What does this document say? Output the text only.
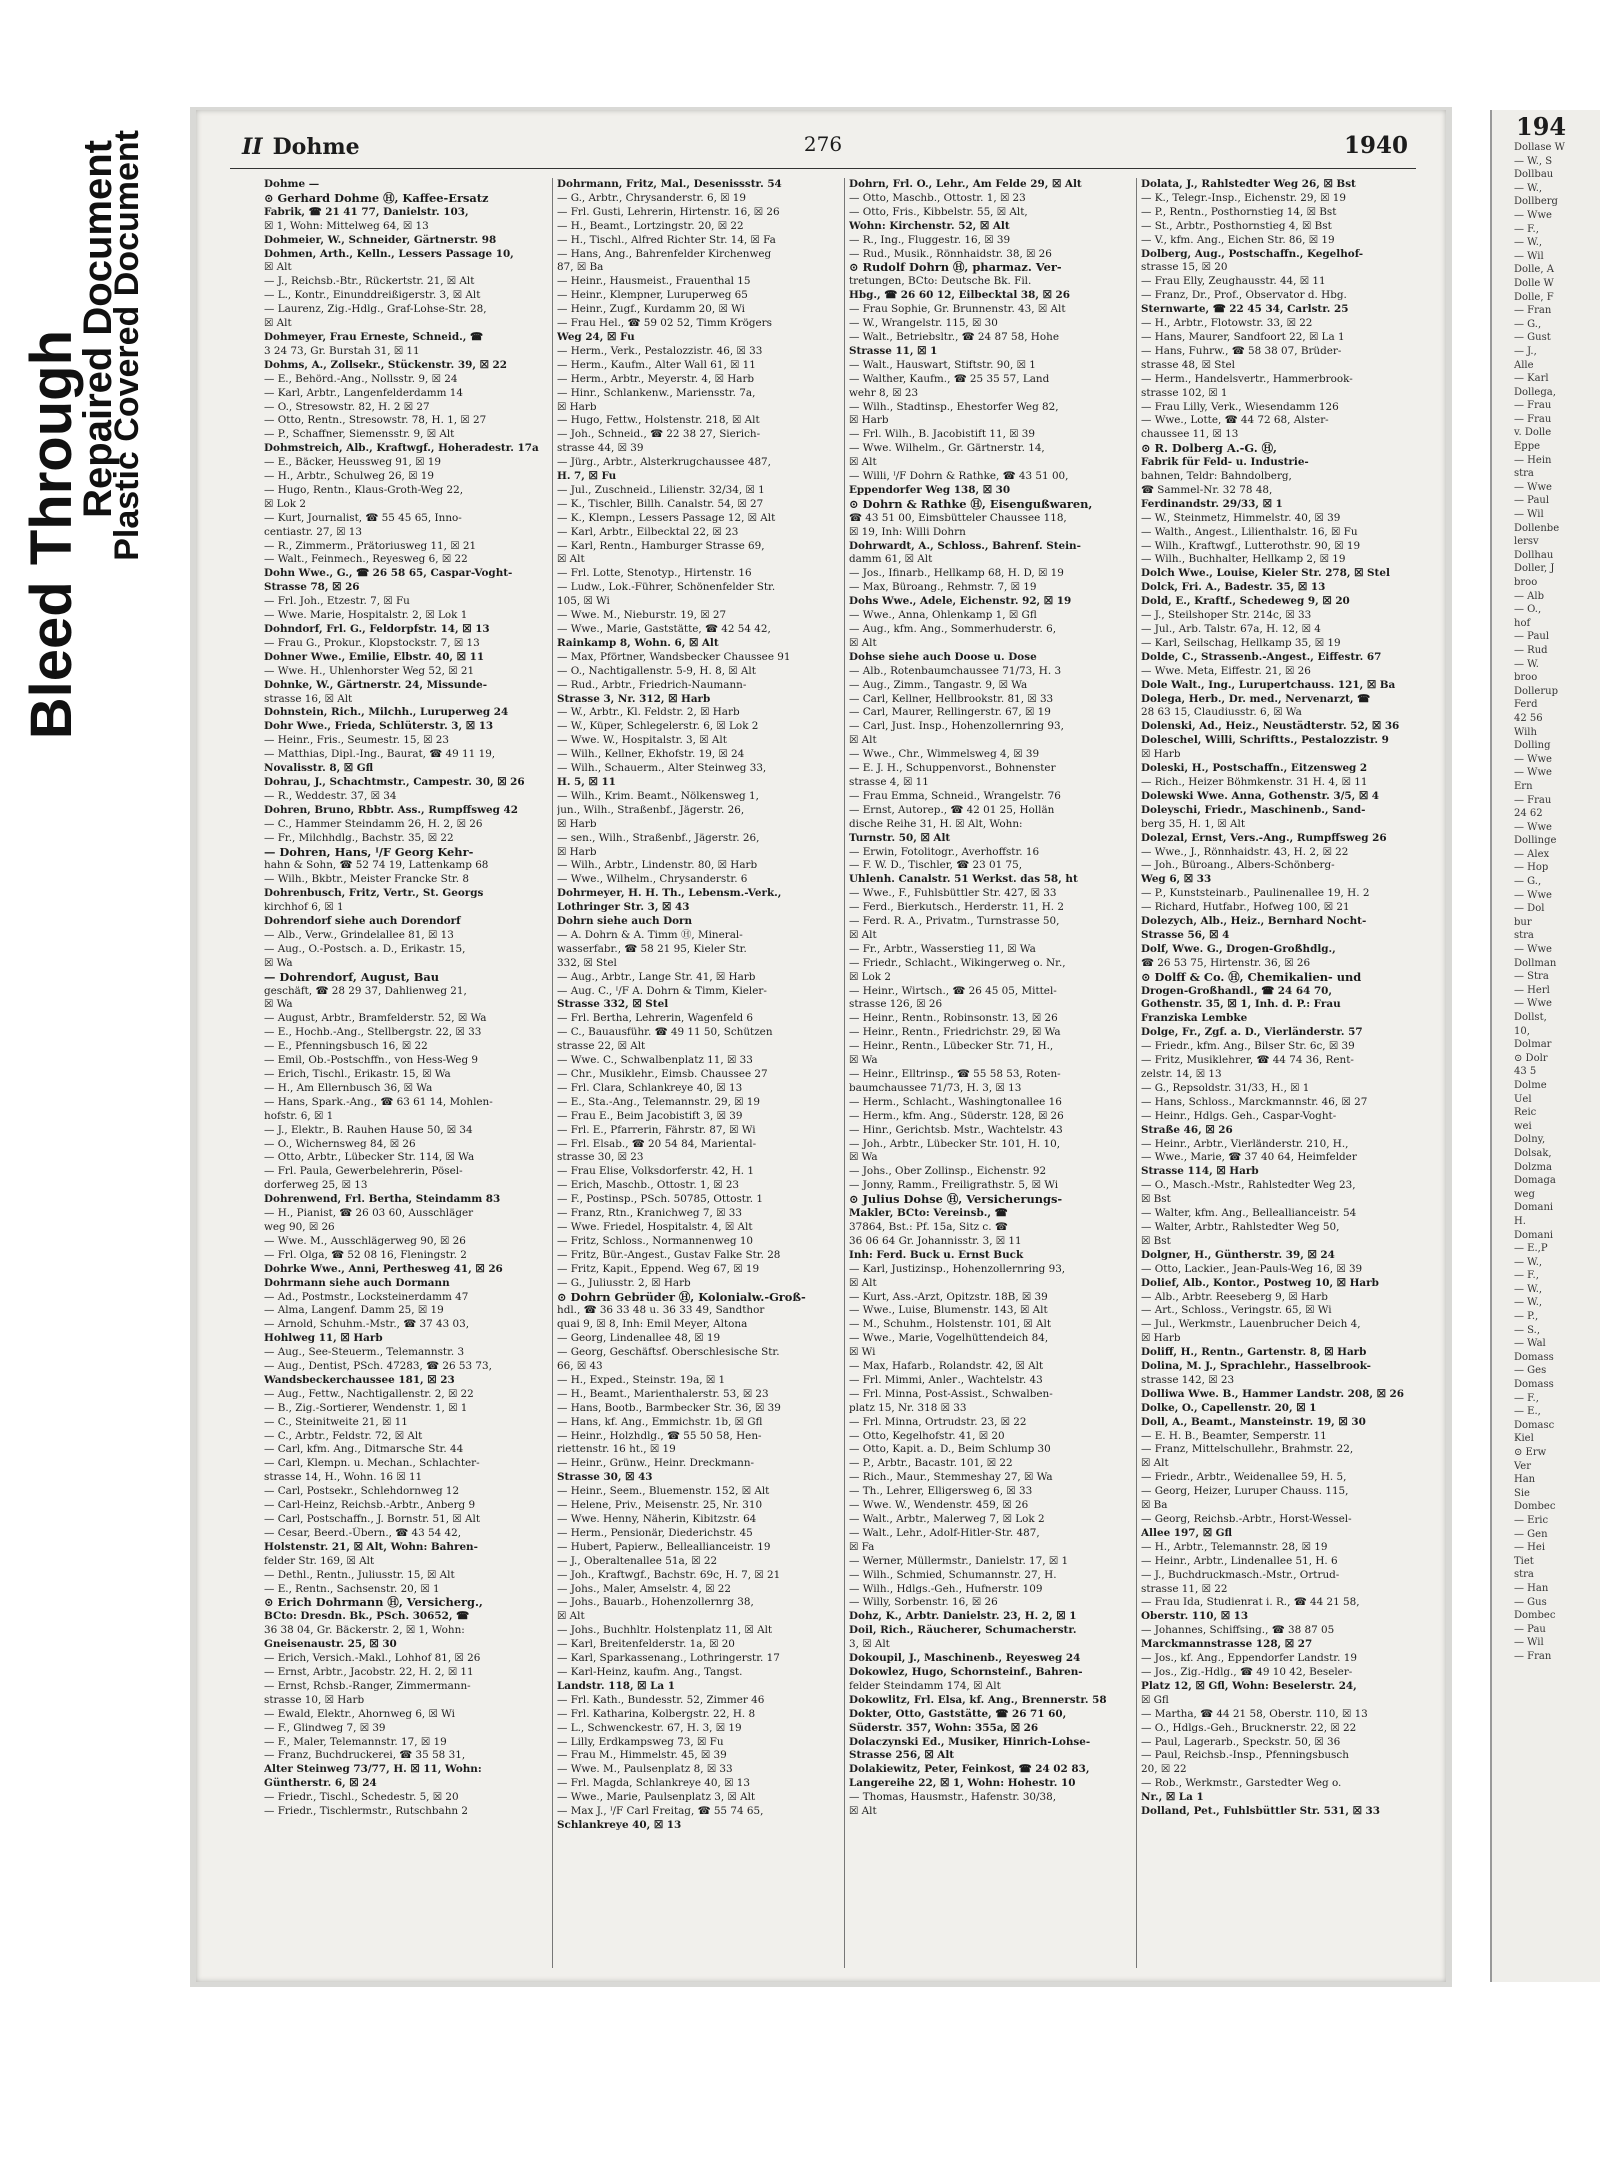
Bleed Through
Repaired Document
Plastic Covered Document	II Dohme	276	1940
Dohme —
⊙ Gerhard Dohme Ⓗ, Kaffee-Ersatz
Fabrik, ☎ 21 41 77, Danielstr. 103,
☒ 1, Wohn: Mittelweg 64, ☒ 13
Dohmeier, W., Schneider, Gärtnerstr. 98
Dohmen, Arth., Kelln., Lessers Passage 10,
☒ Alt
— J., Reichsb.-Btr., Rückertstr. 21, ☒ Alt
— L., Kontr., Einunddreißigerstr. 3, ☒ Alt
— Laurenz, Zig.-Hdlg., Graf-Lohse-Str. 28,
☒ Alt
Dohmeyer, Frau Erneste, Schneid., ☎
3 24 73, Gr. Burstah 31, ☒ 11
Dohms, A., Zollsekr., Stückenstr. 39, ☒ 22
— E., Behörd.-Ang., Nollsstr. 9, ☒ 24
— Karl, Arbtr., Langenfelderdamm 14
— O., Stresowstr. 82, H. 2 ☒ 27
— Otto, Rentn., Stresowstr. 78, H. 1, ☒ 27
— P., Schaffner, Siemensstr. 9, ☒ Alt
Dohmstreich, Alb., Kraftwgf., Hoheradestr. 17a
— E., Bäcker, Heussweg 91, ☒ 19
— H., Arbtr., Schulweg 26, ☒ 19
— Hugo, Rentn., Klaus-Groth-Weg 22,
☒ Lok 2
— Kurt, Journalist, ☎ 55 45 65, Inno-
centiastr. 27, ☒ 13
— R., Zimmerm., Prätoriusweg 11, ☒ 21
— Walt., Feinmech., Reyesweg 6, ☒ 22
Dohn Wwe., G., ☎ 26 58 65, Caspar-Voght-
Strasse 78, ☒ 26
— Frl. Joh., Etzestr. 7, ☒ Fu
— Wwe. Marie, Hospitalstr. 2, ☒ Lok 1
Dohndorf, Frl. G., Feldorpfstr. 14, ☒ 13
— Frau G., Prokur., Klopstockstr. 7, ☒ 13
Dohner Wwe., Emilie, Elbstr. 40, ☒ 11
— Wwe. H., Uhlenhorster Weg 52, ☒ 21
Dohnke, W., Gärtnerstr. 24, Missunde-
strasse 16, ☒ Alt
Dohnstein, Rich., Milchh., Luruperweg 24
Dohr Wwe., Frieda, Schlüterstr. 3, ☒ 13
— Heinr., Fris., Seumestr. 15, ☒ 23
— Matthias, Dipl.-Ing., Baurat, ☎ 49 11 19,
Novalisstr. 8, ☒ Gfl
Dohrau, J., Schachtmstr., Campestr. 30, ☒ 26
— R., Weddestr. 37, ☒ 34
Dohren, Bruno, Rbbtr. Ass., Rumpffsweg 42
— C., Hammer Steindamm 26, H. 2, ☒ 26
— Fr., Milchhdlg., Bachstr. 35, ☒ 22
— Dohren, Hans, ᴵ/F Georg Kehr-
hahn & Sohn, ☎ 52 74 19, Lattenkamp 68
— Wilh., Bkbtr., Meister Francke Str. 8
Dohrenbusch, Fritz, Vertr., St. Georgs
kirchhof 6, ☒ 1
Dohrendorf siehe auch Dorendorf
— Alb., Verw., Grindelallee 81, ☒ 13
— Aug., O.-Postsch. a. D., Erikastr. 15,
☒ Wa
— Dohrendorf, August, Bau
geschäft, ☎ 28 29 37, Dahlienweg 21,
☒ Wa
— August, Arbtr., Bramfelderstr. 52, ☒ Wa
— E., Hochb.-Ang., Stellbergstr. 22, ☒ 33
— E., Pfenningsbusch 16, ☒ 22
— Emil, Ob.-Postschffn., von Hess-Weg 9
— Erich, Tischl., Erikastr. 15, ☒ Wa
— H., Am Ellernbusch 36, ☒ Wa
— Hans, Spark.-Ang., ☎ 63 61 14, Mohlen-
hofstr. 6, ☒ 1
— J., Elektr., B. Rauhen Hause 50, ☒ 34
— O., Wichernsweg 84, ☒ 26
— Otto, Arbtr., Lübecker Str. 114, ☒ Wa
— Frl. Paula, Gewerbelehrerin, Pösel-
dorferweg 25, ☒ 13
Dohrenwend, Frl. Bertha, Steindamm 83
— H., Pianist, ☎ 26 03 60, Ausschläger
weg 90, ☒ 26
— Wwe. M., Ausschlägerweg 90, ☒ 26
— Frl. Olga, ☎ 52 08 16, Fleningstr. 2
Dohrke Wwe., Anni, Perthesweg 41, ☒ 26
Dohrmann siehe auch Dormann
— Ad., Postmstr., Locksteinerdamm 47
— Alma, Langenf. Damm 25, ☒ 19
— Arnold, Schuhm.-Mstr., ☎ 37 43 03,
Hohlweg 11, ☒ Harb
— Aug., See-Steuerm., Telemannstr. 3
— Aug., Dentist, PSch. 47283, ☎ 26 53 73,
Wandsbeckerchaussee 181, ☒ 23
— Aug., Fettw., Nachtigallenstr. 2, ☒ 22
— B., Zig.-Sortierer, Wendenstr. 1, ☒ 1
— C., Steinitweite 21, ☒ 11
— C., Arbtr., Feldstr. 72, ☒ Alt
— Carl, kfm. Ang., Ditmarsche Str. 44
— Carl, Klempn. u. Mechan., Schlachter-
strasse 14, H., Wohn. 16 ☒ 11
— Carl, Postsekr., Schlehdornweg 12
— Carl-Heinz, Reichsb.-Arbtr., Anberg 9
— Carl, Postschaffn., J. Bornstr. 51, ☒ Alt
— Cesar, Beerd.-Übern., ☎ 43 54 42,
Holstenstr. 21, ☒ Alt, Wohn: Bahren-
felder Str. 169, ☒ Alt
— Dethl., Rentn., Juliusstr. 15, ☒ Alt
— E., Rentn., Sachsenstr. 20, ☒ 1
⊙ Erich Dohrmann Ⓗ, Versicherg.,
BCto: Dresdn. Bk., PSch. 30652, ☎
36 38 04, Gr. Bäckerstr. 2, ☒ 1, Wohn:
Gneisenaustr. 25, ☒ 30
— Erich, Versich.-Makl., Lohhof 81, ☒ 26
— Ernst, Arbtr., Jacobstr. 22, H. 2, ☒ 11
— Ernst, Rchsb.-Ranger, Zimmermann-
strasse 10, ☒ Harb
— Ewald, Elektr., Ahornweg 6, ☒ Wi
— F., Glindweg 7, ☒ 39
— F., Maler, Telemannstr. 17, ☒ 19
— Franz, Buchdruckerei, ☎ 35 58 31,
Alter Steinweg 73/77, H. ☒ 11, Wohn:
Güntherstr. 6, ☒ 24
— Friedr., Tischl., Schedestr. 5, ☒ 20
— Friedr., Tischlermstr., Rutschbahn 2
Dohrmann, Fritz, Mal., Desenissstr. 54
— G., Arbtr., Chrysanderstr. 6, ☒ 19
— Frl. Gusti, Lehrerin, Hirtenstr. 16, ☒ 26
— H., Beamt., Lortzingstr. 20, ☒ 22
— H., Tischl., Alfred Richter Str. 14, ☒ Fa
— Hans, Ang., Bahrenfelder Kirchenweg
87, ☒ Ba
— Heinr., Hausmeist., Frauenthal 15
— Heinr., Klempner, Luruperweg 65
— Heinr., Zugf., Kurdamm 20, ☒ Wi
— Frau Hel., ☎ 59 02 52, Timm Krögers
Weg 24, ☒ Fu
— Herm., Verk., Pestalozzistr. 46, ☒ 33
— Herm., Kaufm., Alter Wall 61, ☒ 11
— Herm., Arbtr., Meyerstr. 4, ☒ Harb
— Hinr., Schlankenw., Mariensstr. 7a,
☒ Harb
— Hugo, Fettw., Holstenstr. 218, ☒ Alt
— Joh., Schneid., ☎ 22 38 27, Sierich-
strasse 44, ☒ 39
— Jürg., Arbtr., Alsterkrugchaussee 487,
H. 7, ☒ Fu
— Jul., Zuschneid., Lilienstr. 32/34, ☒ 1
— K., Tischler, Billh. Canalstr. 54, ☒ 27
— K., Klempn., Lessers Passage 12, ☒ Alt
— Karl, Arbtr., Eilbecktal 22, ☒ 23
— Karl, Rentn., Hamburger Strasse 69,
☒ Alt
— Frl. Lotte, Stenotyp., Hirtenstr. 16
— Ludw., Lok.-Führer, Schönenfelder Str.
105, ☒ Wi
— Wwe. M., Nieburstr. 19, ☒ 27
— Wwe., Marie, Gaststätte, ☎ 42 54 42,
Rainkamp 8, Wohn. 6, ☒ Alt
— Max, Pförtner, Wandsbecker Chaussee 91
— O., Nachtigallenstr. 5-9, H. 8, ☒ Alt
— Rud., Arbtr., Friedrich-Naumann-
Strasse 3, Nr. 312, ☒ Harb
— W., Arbtr., Kl. Feldstr. 2, ☒ Harb
— W., Küper, Schlegelerstr. 6, ☒ Lok 2
— Wwe. W., Hospitalstr. 3, ☒ Alt
— Wilh., Kellner, Ekhofstr. 19, ☒ 24
— Wilh., Schauerm., Alter Steinweg 33,
H. 5, ☒ 11
— Wilh., Krim. Beamt., Nölkensweg 1,
jun., Wilh., Straßenbf., Jägerstr. 26,
☒ Harb
— sen., Wilh., Straßenbf., Jägerstr. 26,
☒ Harb
— Wilh., Arbtr., Lindenstr. 80, ☒ Harb
— Wwe., Wilhelm., Chrysanderstr. 6
Dohrmeyer, H. H. Th., Lebensm.-Verk.,
Lothringer Str. 3, ☒ 43
Dohrn siehe auch Dorn
— A. Dohrn & A. Timm Ⓗ, Mineral-
wasserfabr., ☎ 58 21 95, Kieler Str.
332, ☒ Stel
— Aug., Arbtr., Lange Str. 41, ☒ Harb
— Aug. C., ᴵ/F A. Dohrn & Timm, Kieler-
Strasse 332, ☒ Stel
— Frl. Bertha, Lehrerin, Wagenfeld 6
— C., Bauausführ. ☎ 49 11 50, Schützen
strasse 22, ☒ Alt
— Wwe. C., Schwalbenplatz 11, ☒ 33
— Chr., Musiklehr., Eimsb. Chaussee 27
— Frl. Clara, Schlankreye 40, ☒ 13
— E., Sta.-Ang., Telemannstr. 29, ☒ 19
— Frau E., Beim Jacobistift 3, ☒ 39
— Frl. E., Pfarrerin, Fährstr. 87, ☒ Wi
— Frl. Elsab., ☎ 20 54 84, Mariental-
strasse 30, ☒ 23
— Frau Elise, Volksdorferstr. 42, H. 1
— Erich, Maschb., Ottostr. 1, ☒ 23
— F., Postinsp., PSch. 50785, Ottostr. 1
— Franz, Rtn., Kranichweg 7, ☒ 33
— Wwe. Friedel, Hospitalstr. 4, ☒ Alt
— Fritz, Schloss., Normannenweg 10
— Fritz, Bür.-Angest., Gustav Falke Str. 28
— Fritz, Kapit., Eppend. Weg 67, ☒ 19
— G., Juliusstr. 2, ☒ Harb
⊙ Dohrn Gebrüder Ⓗ, Kolonialw.-Groß-
hdl., ☎ 36 33 48 u. 36 33 49, Sandthor
quai 9, ☒ 8, Inh: Emil Meyer, Altona
— Georg, Lindenallee 48, ☒ 19
— Georg, Geschäftsf. Oberschlesische Str.
66, ☒ 43
— H., Exped., Steinstr. 19a, ☒ 1
— H., Beamt., Marienthalerstr. 53, ☒ 23
— Hans, Bootb., Barmbecker Str. 36, ☒ 39
— Hans, kf. Ang., Emmichstr. 1b, ☒ Gfl
— Heinr., Holzhdlg., ☎ 55 50 58, Hen-
riettenstr. 16 ht., ☒ 19
— Heinr., Grünw., Heinr. Dreckmann-
Strasse 30, ☒ 43
— Heinr., Seem., Bluemenstr. 152, ☒ Alt
— Helene, Priv., Meisenstr. 25, Nr. 310
— Wwe. Henny, Näherin, Kibitzstr. 64
— Herm., Pensionär, Diederichstr. 45
— Hubert, Papierw., Belleallianceistr. 19
— J., Oberaltenallee 51a, ☒ 22
— Joh., Kraftwgf., Bachstr. 69c, H. 7, ☒ 21
— Johs., Maler, Amselstr. 4, ☒ 22
— Johs., Bauarb., Hohenzollernrg 38,
☒ Alt
— Johs., Buchhltr. Holstenplatz 11, ☒ Alt
— Karl, Breitenfelderstr. 1a, ☒ 20
— Karl, Sparkassenang., Lothringerstr. 17
— Karl-Heinz, kaufm. Ang., Tangst.
Landstr. 118, ☒ La 1
— Frl. Kath., Bundesstr. 52, Zimmer 46
— Frl. Katharina, Kolbergstr. 22, H. 8
— L., Schwenckestr. 67, H. 3, ☒ 19
— Lilly, Erdkampsweg 73, ☒ Fu
— Frau M., Himmelstr. 45, ☒ 39
— Wwe. M., Paulsenplatz 8, ☒ 33
— Frl. Magda, Schlankreye 40, ☒ 13
— Wwe., Marie, Paulsenplatz 3, ☒ Alt
— Max J., ᴵ/F Carl Freitag, ☎ 55 74 65,
Schlankreye 40, ☒ 13
Dohrn, Frl. O., Lehr., Am Felde 29, ☒ Alt
— Otto, Maschb., Ottostr. 1, ☒ 23
— Otto, Fris., Kibbelstr. 55, ☒ Alt,
Wohn: Kirchenstr. 52, ☒ Alt
— R., Ing., Fluggestr. 16, ☒ 39
— Rud., Musik., Rönnhaidstr. 38, ☒ 26
⊙ Rudolf Dohrn Ⓗ, pharmaz. Ver-
tretungen, BCto: Deutsche Bk. Fil.
Hbg., ☎ 26 60 12, Eilbecktal 38, ☒ 26
— Frau Sophie, Gr. Brunnenstr. 43, ☒ Alt
— W., Wrangelstr. 115, ☒ 30
— Walt., Betriebsltr., ☎ 24 87 58, Hohe
Strasse 11, ☒ 1
— Walt., Hauswart, Stiftstr. 90, ☒ 1
— Walther, Kaufm., ☎ 25 35 57, Land
wehr 8, ☒ 23
— Wilh., Stadtinsp., Ehestorfer Weg 82,
☒ Harb
— Frl. Wilh., B. Jacobistift 11, ☒ 39
— Wwe. Wilhelm., Gr. Gärtnerstr. 14,
☒ Alt
— Willi, ᴵ/F Dohrn & Rathke, ☎ 43 51 00,
Eppendorfer Weg 138, ☒ 30
⊙ Dohrn & Rathke Ⓗ, Eisengußwaren,
☎ 43 51 00, Eimsbütteler Chaussee 118,
☒ 19, Inh: Willi Dohrn
Dohrwardt, A., Schloss., Bahrenf. Stein-
damm 61, ☒ Alt
— Jos., Ifinarb., Hellkamp 68, H. D, ☒ 19
— Max, Büroang., Rehmstr. 7, ☒ 19
Dohs Wwe., Adele, Eichenstr. 92, ☒ 19
— Wwe., Anna, Ohlenkamp 1, ☒ Gfl
— Aug., kfm. Ang., Sommerhuderstr. 6,
☒ Alt
Dohse siehe auch Doose u. Dose
— Alb., Rotenbaumchaussee 71/73, H. 3
— Aug., Zimm., Tangastr. 9, ☒ Wa
— Carl, Kellner, Hellbrookstr. 81, ☒ 33
— Carl, Maurer, Rellingerstr. 67, ☒ 19
— Carl, Just. Insp., Hohenzollernring 93,
☒ Alt
— Wwe., Chr., Wimmelsweg 4, ☒ 39
— E. J. H., Schuppenvorst., Bohnenster
strasse 4, ☒ 11
— Frau Emma, Schneid., Wrangelstr. 76
— Ernst, Autorep., ☎ 42 01 25, Hollän
dische Reihe 31, H. ☒ Alt, Wohn:
Turnstr. 50, ☒ Alt
— Erwin, Fotolitogr., Averhoffstr. 16
— F. W. D., Tischler, ☎ 23 01 75,
Uhlenh. Canalstr. 51 Werkst. das 58, ht
— Wwe., F., Fuhlsbüttler Str. 427, ☒ 33
— Ferd., Bierkutsch., Herderstr. 11, H. 2
— Ferd. R. A., Privatm., Turnstrasse 50,
☒ Alt
— Fr., Arbtr., Wasserstieg 11, ☒ Wa
— Friedr., Schlacht., Wikingerweg o. Nr.,
☒ Lok 2
— Heinr., Wirtsch., ☎ 26 45 05, Mittel-
strasse 126, ☒ 26
— Heinr., Rentn., Robinsonstr. 13, ☒ 26
— Heinr., Rentn., Friedrichstr. 29, ☒ Wa
— Heinr., Rentn., Lübecker Str. 71, H.,
☒ Wa
— Heinr., Elltrinsp., ☎ 55 58 53, Roten-
baumchaussee 71/73, H. 3, ☒ 13
— Herm., Schlacht., Washingtonallee 16
— Herm., kfm. Ang., Süderstr. 128, ☒ 26
— Hinr., Gerichtsb. Mstr., Wachtelstr. 43
— Joh., Arbtr., Lübecker Str. 101, H. 10,
☒ Wa
— Johs., Ober Zollinsp., Eichenstr. 92
— Jonny, Ramm., Freiligrathstr. 5, ☒ Wi
⊙ Julius Dohse Ⓗ, Versicherungs-
Makler, BCto: Vereinsb., ☎
37864, Bst.: Pf. 15a, Sitz c. ☎
36 06 64 Gr. Johannisstr. 3, ☒ 11
Inh: Ferd. Buck u. Ernst Buck
— Karl, Justizinsp., Hohenzollernring 93,
☒ Alt
— Kurt, Ass.-Arzt, Opitzstr. 18B, ☒ 39
— Wwe., Luise, Blumenstr. 143, ☒ Alt
— M., Schuhm., Holstenstr. 101, ☒ Alt
— Wwe., Marie, Vogelhüttendeich 84,
☒ Wi
— Max, Hafarb., Rolandstr. 42, ☒ Alt
— Frl. Mimmi, Anlег., Wachtelstr. 43
— Frl. Minna, Post-Assist., Schwalben-
platz 15, Nr. 318 ☒ 33
— Frl. Minna, Ortrudstr. 23, ☒ 22
— Otto, Kegelhofstr. 41, ☒ 20
— Otto, Kapit. a. D., Beim Schlump 30
— P., Arbtr., Bacastr. 101, ☒ 22
— Rich., Maur., Stemmeshay 27, ☒ Wa
— Th., Lehrer, Elligersweg 6, ☒ 33
— Wwe. W., Wendenstr. 459, ☒ 26
— Walt., Arbtr., Malerweg 7, ☒ Lok 2
— Walt., Lehr., Adolf-Hitler-Str. 487,
☒ Fa
— Werner, Müllermstr., Danielstr. 17, ☒ 1
— Wilh., Schmied, Schumannstr. 27, H.
— Wilh., Hdlgs.-Geh., Hufnerstr. 109
— Willy, Sorbenstr. 16, ☒ 26
Dohz, K., Arbtr. Danielstr. 23, H. 2, ☒ 1
Doil, Rich., Räucherer, Schumacherstr.
3, ☒ Alt
Dokoupil, J., Maschinenb., Reyesweg 24
Dokowlez, Hugo, Schornsteinf., Bahren-
felder Steindamm 174, ☒ Alt
Dokowlitz, Frl. Elsa, kf. Ang., Brennerstr. 58
Dokter, Otto, Gaststätte, ☎ 26 71 60,
Süderstr. 357, Wohn: 355a, ☒ 26
Dolaczynski Ed., Musiker, Hinrich-Lohse-
Strasse 256, ☒ Alt
Dolakiewitz, Peter, Feinkost, ☎ 24 02 83,
Langereihe 22, ☒ 1, Wohn: Hohestr. 10
— Thomas, Hausmstr., Hafenstr. 30/38,
☒ Alt
Dolata, J., Rahlstedter Weg 26, ☒ Bst
— K., Telegr.-Insp., Eichenstr. 29, ☒ 19
— P., Rentn., Posthornstieg 14, ☒ Bst
— St., Arbtr., Posthornstieg 4, ☒ Bst
— V., kfm. Ang., Eichen Str. 86, ☒ 19
Dolberg, Aug., Postschaffn., Kegelhof-
strasse 15, ☒ 20
— Frau Elly, Zeughausstr. 44, ☒ 11
— Franz, Dr., Prof., Observator d. Hbg.
Sternwarte, ☎ 22 45 34, Carlstr. 25
— H., Arbtr., Flotowstr. 33, ☒ 22
— Hans, Maurer, Sandfoort 22, ☒ La 1
— Hans, Fuhrw., ☎ 58 38 07, Brüder-
strasse 48, ☒ Stel
— Herm., Handelsvertr., Hammerbrook-
strasse 102, ☒ 1
— Frau Lilly, Verk., Wiesendamm 126
— Wwe., Lotte, ☎ 44 72 68, Alster-
chaussee 11, ☒ 13
⊙ R. Dolberg A.-G. Ⓗ,
Fabrik für Feld- u. Industrie-
bahnen, Teldr: Bahndolberg,
☎ Sammel-Nr. 32 78 48,
Ferdinandstr. 29/33, ☒ 1
— W., Steinmetz, Himmelstr. 40, ☒ 39
— Walth., Angest., Lilienthalstr. 16, ☒ Fu
— Wilh., Kraftwgf., Lutterothstr. 90, ☒ 19
— Wilh., Buchhalter, Hellkamp 2, ☒ 19
Dolch Wwe., Louise, Kieler Str. 278, ☒ Stel
Dolck, Fri. A., Badestr. 35, ☒ 13
Dold, E., Kraftf., Schedeweg 9, ☒ 20
— J., Steilshoper Str. 214c, ☒ 33
— Jul., Arb. Talstr. 67a, H. 12, ☒ 4
— Karl, Seilschag, Hellkamp 35, ☒ 19
Dolde, C., Strassenb.-Angest., Eiffestr. 67
— Wwe. Meta, Eiffestr. 21, ☒ 26
Dole Walt., Ing., Lurupertchauss. 121, ☒ Ba
Dolega, Herb., Dr. med., Nervenarzt, ☎
28 63 15, Claudiusstr. 6, ☒ Wa
Dolenski, Ad., Heiz., Neustädterstr. 52, ☒ 36
Doleschel, Willi, Schriftts., Pestalozzistr. 9
☒ Harb
Doleski, H., Postschaffn., Eitzensweg 2
— Rich., Heizer Böhmkenstr. 31 H. 4, ☒ 11
Dolewski Wwe. Anna, Gothenstr. 3/5, ☒ 4
Doleyschi, Friedr., Maschinenb., Sand-
berg 35, H. 1, ☒ Alt
Dolezal, Ernst, Vers.-Ang., Rumpffsweg 26
— Wwe., J., Rönnhaidstr. 43, H. 2, ☒ 22
— Joh., Büroang., Albers-Schönberg-
Weg 6, ☒ 33
— P., Kunststeinarb., Paulinenallee 19, H. 2
— Richard, Hutfabr., Hofweg 100, ☒ 21
Dolezych, Alb., Heiz., Bernhard Nocht-
Strasse 56, ☒ 4
Dolf, Wwe. G., Drogen-Großhdlg.,
☎ 26 53 75, Hirtenstr. 36, ☒ 26
⊙ Dolff & Co. Ⓗ, Chemikalien- und
Drogen-Großhandl., ☎ 24 64 70,
Gothenstr. 35, ☒ 1, Inh. d. P.: Frau
Franziska Lembke
Dolge, Fr., Zgf. a. D., Vierländerstr. 57
— Friedr., kfm. Ang., Bilser Str. 6c, ☒ 39
— Fritz, Musiklehrer, ☎ 44 74 36, Rent-
zelstr. 14, ☒ 13
— G., Repsoldstr. 31/33, H., ☒ 1
— Hans, Schloss., Marckmannstr. 46, ☒ 27
— Heinr., Hdlgs. Geh., Caspar-Voght-
Straße 46, ☒ 26
— Heinr., Arbtr., Vierländerstr. 210, H.,
— Wwe., Marie, ☎ 37 40 64, Heimfelder
Strasse 114, ☒ Harb
— O., Masch.-Mstr., Rahlstedter Weg 23,
☒ Bst
— Walter, kfm. Ang., Belleallianceistr. 54
— Walter, Arbtr., Rahlstedter Weg 50,
☒ Bst
Dolgner, H., Güntherstr. 39, ☒ 24
— Otto, Lackier., Jean-Pauls-Weg 16, ☒ 39
Dolief, Alb., Kontor., Postweg 10, ☒ Harb
— Alb., Arbtr. Reeseberg 9, ☒ Harb
— Art., Schloss., Veringstr. 65, ☒ Wi
— Jul., Werkmstr., Lauenbrucher Deich 4,
☒ Harb
Doliff, H., Rentn., Gartenstr. 8, ☒ Harb
Dolina, M. J., Sprachlehr., Hasselbrook-
strasse 142, ☒ 23
Dolliwa Wwe. B., Hammer Landstr. 208, ☒ 26
Dolke, O., Capellenstr. 20, ☒ 1
Doll, A., Beamt., Mansteinstr. 19, ☒ 30
— E. H. B., Beamter, Semperstr. 11
— Franz, Mittelschullehr., Brahmstr. 22,
☒ Alt
— Friedr., Arbtr., Weidenallee 59, H. 5,
— Georg, Heizer, Luruper Chauss. 115,
☒ Ba
— Georg, Reichsb.-Arbtr., Horst-Wessel-
Allee 197, ☒ Gfl
— H., Arbtr., Telemannstr. 28, ☒ 19
— Heinr., Arbtr., Lindenallee 51, H. 6
— J., Buchdruckmasch.-Mstr., Ortrud-
strasse 11, ☒ 22
— Frau Ida, Studienrat i. R., ☎ 44 21 58,
Oberstr. 110, ☒ 13
— Johannes, Schiffsing., ☎ 38 87 05
Marckmannstrasse 128, ☒ 27
— Jos., kf. Ang., Eppendorfer Landstr. 19
— Jos., Zig.-Hdlg., ☎ 49 10 42, Beseler-
Platz 12, ☒ Gfl, Wohn: Beselerstr. 24,
☒ Gfl
— Martha, ☎ 44 21 58, Oberstr. 110, ☒ 13
— O., Hdlgs.-Geh., Brucknerstr. 22, ☒ 22
— Paul, Lagerarb., Speckstr. 50, ☒ 36
— Paul, Reichsb.-Insp., Pfenningsbusch
20, ☒ 22
— Rob., Werkmstr., Garstedter Weg o.
Nr., ☒ La 1
Dolland, Pet., Fuhlsbüttler Str. 531, ☒ 33
194
Dollase W
— W., S
Dollbau
— W.,
Dollberg
— Wwe
— F.,
— W.,
— Wil
Dolle, A
Dolle W
Dolle, F
— Fran
— G.,
— Gust
— J.,
Alle
— Karl
Dollega,
— Frau
— Frau
v. Dolle
Eppe
— Hein
stra
— Wwe
— Paul
— Wil
Dollenbe
lersv
Dollhau
Doller, J
broo
— Alb
— O.,
hof
— Paul
— Rud
— W.
broo
Dollerup
Ferd
42 56
Wilh
Dolling
— Wwe
— Wwe
Ern
— Frau
24 62
— Wwe
Dollinge
— Alex
— Hop
— G.,
— Wwe
— Dol
bur
stra
— Wwe
Dollman
— Stra
— Herl
— Wwe
Dollst,
10,
Dolmar
⊙ Dolr
43 5
Dolme
Uel
Reic
wei
Dolny,
Dolsak,
Dolzma
Domaga
weg
Domani
H.
Domani
— E.,P
— W.,
— F.,
— W.,
— W.,
— P.,
— S.,
— Wal
Domass
— Ges
Domass
— F.,
— E.,
Domasc
Kiel
⊙ Erw
Ver
Han
Sie
Dombec
— Eric
— Gen
— Hei
Tiet
stra
— Han
— Gus
Dombec
— Pau
— Wil
— Fran
